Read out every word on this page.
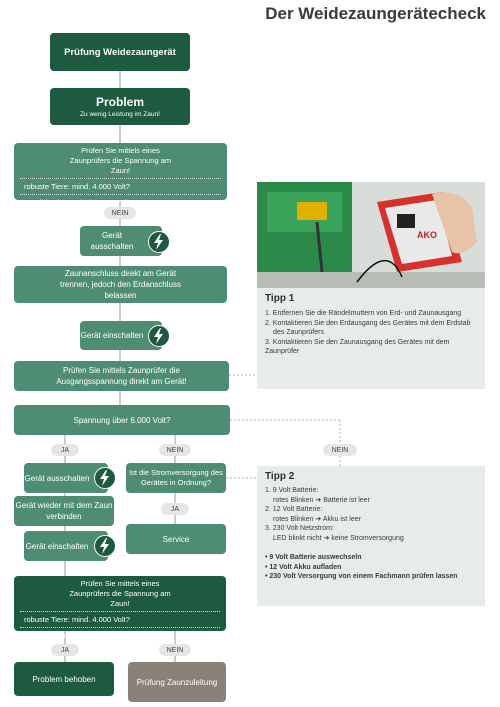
Der Weidezaungerätecheck
Prüfung Weidezaungerät
Problem
Zu wenig Leistung im Zaun!
Prüfen Sie mittels eines Zaunprüfers die Spannung am Zaun!
robuste Tiere: mind. 4.000 Volt?
sensible Tiere: mind. 2.500 Volt?
NEIN
Gerät ausschalten
Zaunanschluss direkt am Gerät trennen, jedoch den Erdanschluss belassen
Gerät einschalten
Prüfen Sie mittels Zaunprüfer die Ausgangsspannung direkt am Gerät!
Spannung über 6.000 Volt?
JA	NEIN	NEIN
Gerät ausschalten
Gerät wieder mit dem Zaun verbinden
Gerät einschalten
Ist die Stromversorgung des Gerätes in Ordnung?
JA
Service
Prüfen Sie mittels eines Zaunprüfers die Spannung am Zaun!
robuste Tiere: mind. 4.000 Volt?
sensible Tiere: mind. 2.500 Volt?
JA	NEIN
Problem behoben	Prüfung Zaunzuleitung
AKO
Tipp 1
1. Entfernen Sie die Rändelmuttern von Erd- und Zaunausgang
2. Kontaktieren Sie den Erdausgang des Gerätes mit dem Erdstab
des Zaunprüfers
3. Kontaktieren Sie den Zaunausgang des Gerätes mit dem Zaunprüfer
Tipp 2
1. 9 Volt Batterie:
rotes Blinken ➔ Batterie ist leer
2. 12 Volt Batterie:
rotes Blinken ➔ Akku ist leer
3. 230 Volt Netzstrom:
LED blinkt nicht ➔ keine Stromversorgung
• 9 Volt Batterie auswechseln
• 12 Volt Akku aufladen
• 230 Volt Versorgung von einem Fachmann prüfen lassen
